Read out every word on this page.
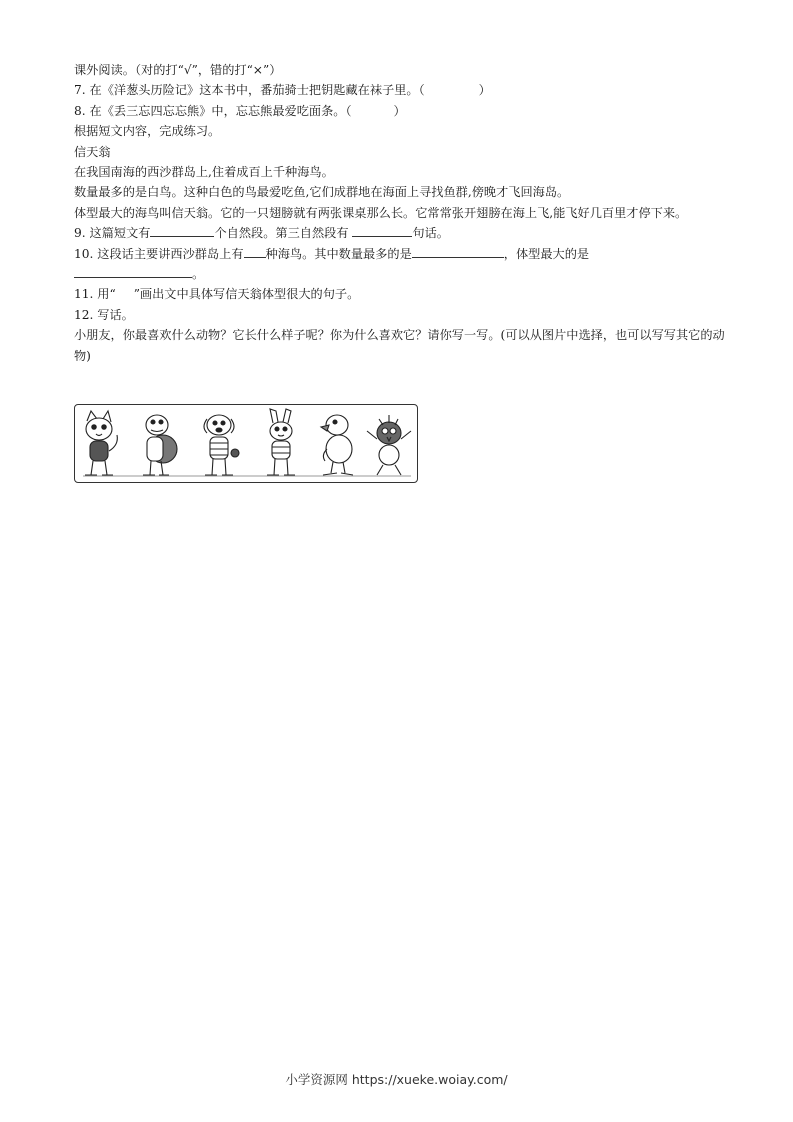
课外阅读。（对的打“√”，错的打“×”）
7. 在《洋葱头历险记》这本书中，番茄骑士把钥匙藏在袜子里。（	）
8. 在《丢三忘四忘忘熊》中，忘忘熊最爱吃面条。（	）
根据短文内容，完成练习。
信天翁
在我国南海的西沙群岛上,住着成百上千种海鸟。
数量最多的是白鸟。这种白色的鸟最爱吃鱼,它们成群地在海面上寻找鱼群,傍晚才飞回海岛。
体型最大的海鸟叫信天翁。它的一只翅膀就有两张课桌那么长。它常常张开翅膀在海上飞,能飞好几百里才停下来。
9. 这篇短文有	个自然段。第三自然段有	句话。
10. 这段话主要讲西沙群岛上有 种海鸟。其中数量最多的是	，体型最大的是
。
11. 用“ ”画出文中具体写信天翁体型很大的句子。
12. 写话。
小朋友，你最喜欢什么动物？它长什么样子呢？你为什么喜欢它？请你写一写。(可以从图片中选择，也可以写写其它的动物)
小学资源网 https://xueke.woiay.com/
